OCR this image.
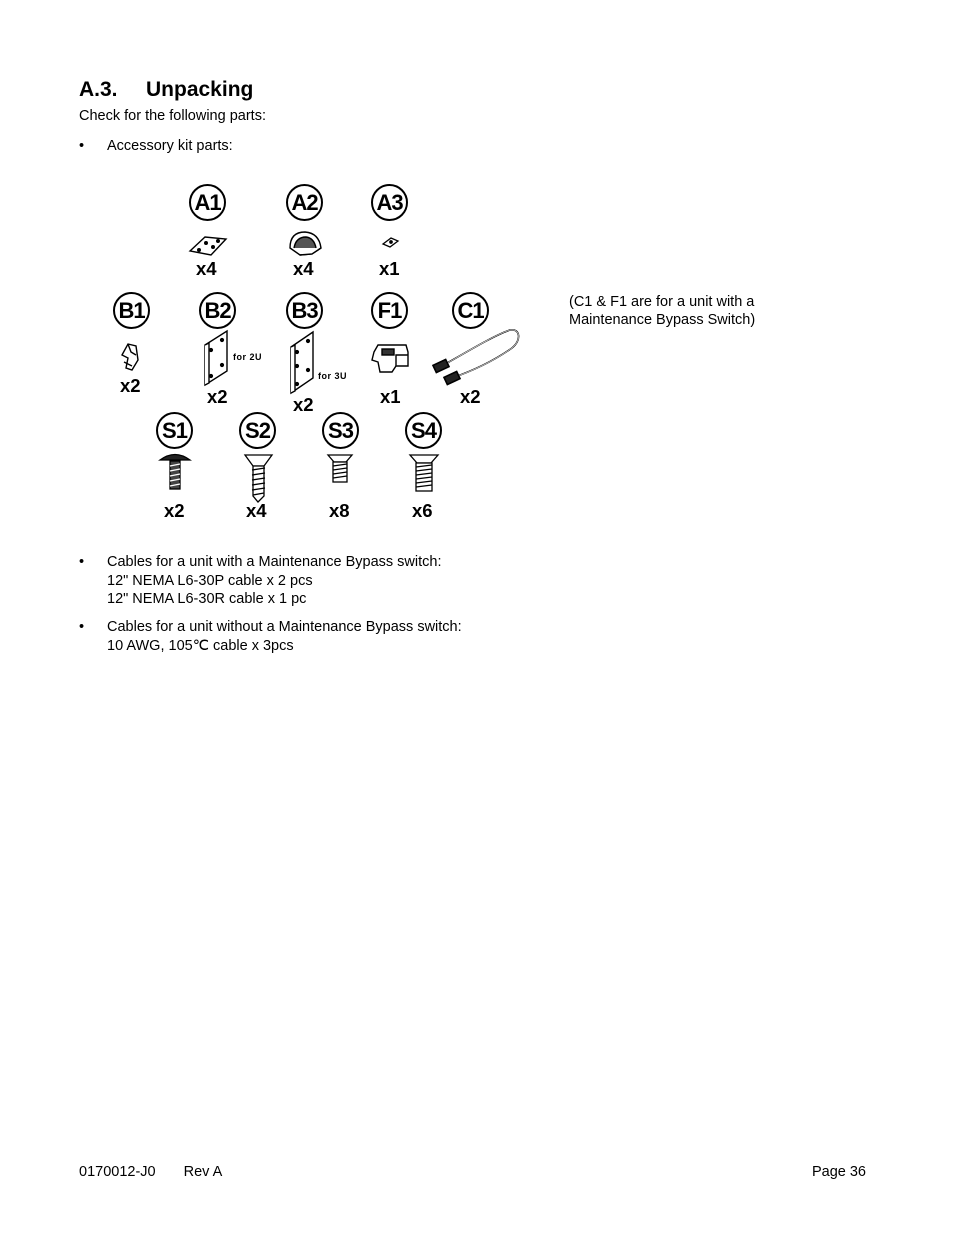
A.3. Unpacking
Check for the following parts:
•	Accessory kit parts:
A1
x4
A2
x4
A3
x1
B1
x2
B2
for 2U
x2
B3
for 3U
x2
F1
x1
C1
x2
S1
x2
S2
x4
S3
x8
S4
x6
(C1 & F1 are for a unit with a
Maintenance Bypass Switch)
•	Cables for a unit with a Maintenance Bypass switch:
12" NEMA L6-30P cable x 2 pcs
12" NEMA L6-30R cable x 1 pc
•	Cables for a unit without a Maintenance Bypass switch:
10 AWG, 105℃ cable x 3pcs
0170012-J0 Rev A	Page 36
